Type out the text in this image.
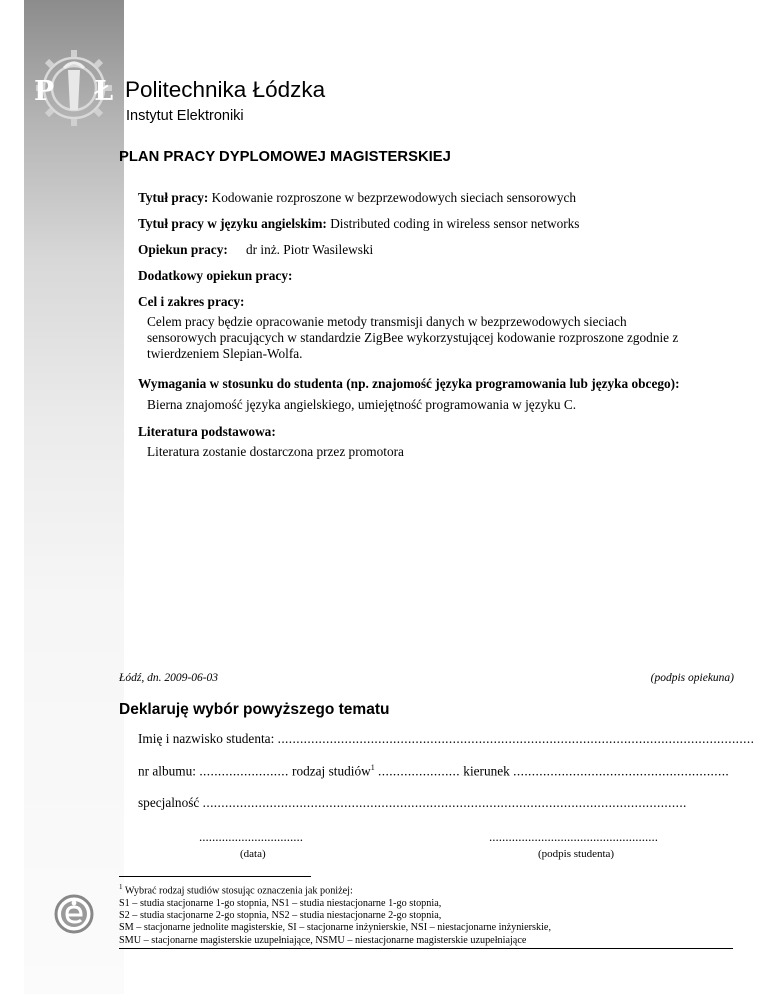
P Ł Politechnika Łódzka
Instytut Elektroniki
PLAN PRACY DYPLOMOWEJ MAGISTERSKIEJ
Tytuł pracy: Kodowanie rozproszone w bezprzewodowych sieciach sensorowych
Tytuł pracy w języku angielskim: Distributed coding in wireless sensor networks
Opiekun pracy: dr inż. Piotr Wasilewski
Dodatkowy opiekun pracy:
Cel i zakres pracy:
Celem pracy będzie opracowanie metody transmisji danych w bezprzewodowych sieciach
sensorowych pracujących w standardzie ZigBee wykorzystującej kodowanie rozproszone zgodnie z
twierdzeniem Slepian-Wolfa.
Wymagania w stosunku do studenta (np. znajomość języka programowania lub języka obcego):
Bierna znajomość języka angielskiego, umiejętność programowania w języku C.
Literatura podstawowa:
Literatura zostanie dostarczona przez promotora
Łódź, dn. 2009-06-03	(podpis opiekuna)
Deklaruję wybór powyższego tematu
Imię i nazwisko studenta: ................................................................................................................................
nr albumu: ........................ rodzaj studiów$^1$ ...................... kierunek ..........................................................
specjalność ..................................................................................................................................
................................
(data)
....................................................
(podpis studenta)
$^1$ Wybrać rodzaj studiów stosując oznaczenia jak poniżej:
S1 – studia stacjonarne 1-go stopnia, NS1 – studia niestacjonarne 1-go stopnia,
S2 – studia stacjonarne 2-go stopnia, NS2 – studia niestacjonarne 2-go stopnia,
SM – stacjonarne jednolite magisterskie, SI – stacjonarne inżynierskie, NSI – niestacjonarne inżynierskie,
SMU – stacjonarne magisterskie uzupełniające, NSMU – niestacjonarne magisterskie uzupełniające
